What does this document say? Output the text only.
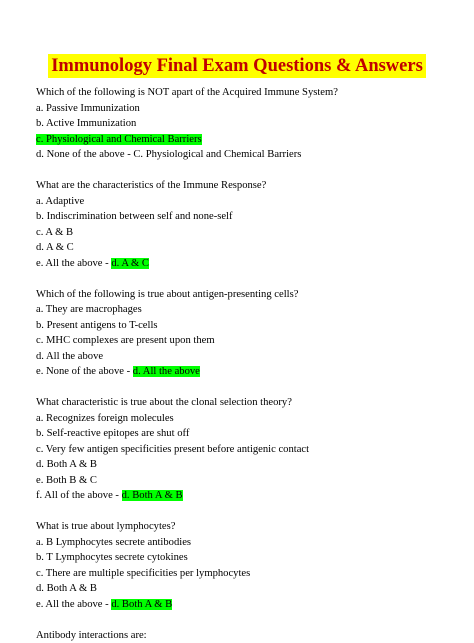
Immunology Final Exam Questions & Answers
Which of the following is NOT apart of the Acquired Immune System?
a. Passive Immunization
b. Active Immunization
c. Physiological and Chemical Barriers
d. None of the above - C. Physiological and Chemical Barriers
What are the characteristics of the Immune Response?
a. Adaptive
b. Indiscrimination between self and none-self
c. A & B
d. A & C
e. All the above - d. A & C
Which of the following is true about antigen-presenting cells?
a. They are macrophages
b. Present antigens to T-cells
c. MHC complexes are present upon them
d. All the above
e. None of the above - d. All the above
What characteristic is true about the clonal selection theory?
a. Recognizes foreign molecules
b. Self-reactive epitopes are shut off
c. Very few antigen specificities present before antigenic contact
d. Both A & B
e. Both B & C
f. All of the above - d. Both A & B
What is true about lymphocytes?
a. B Lymphocytes secrete antibodies
b. T Lymphocytes secrete cytokines
c. There are multiple specificities per lymphocytes
d. Both A & B
e. All the above - d. Both A & B
Antibody interactions are:
